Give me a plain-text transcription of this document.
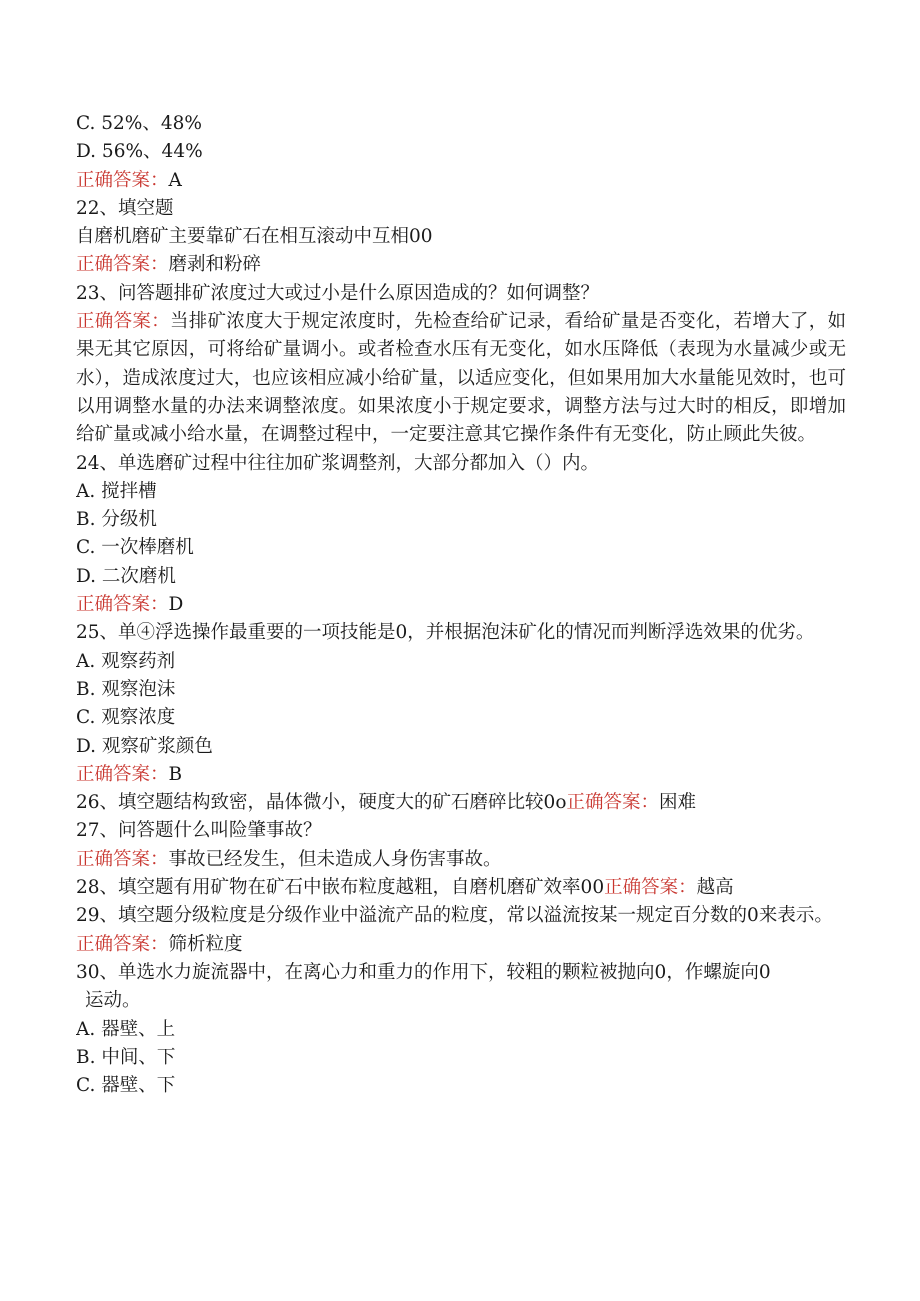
C. 52%、48%
D. 56%、44%
正确答案：A
22、填空题
自磨机磨矿主要靠矿石在相互滚动中互相00
正确答案：磨剥和粉碎
23、问答题排矿浓度过大或过小是什么原因造成的？如何调整？
正确答案：当排矿浓度大于规定浓度时，先检查给矿记录，看给矿量是否变化，若增大了，如果无其它原因，可将给矿量调小。或者检查水压有无变化，如水压降低（表现为水量减少或无水），造成浓度过大，也应该相应减小给矿量，以适应变化，但如果用加大水量能见效时，也可以用调整水量的办法来调整浓度。如果浓度小于规定要求，调整方法与过大时的相反，即增加给矿量或减小给水量，在调整过程中，一定要注意其它操作条件有无变化，防止顾此失彼。
24、单选磨矿过程中往往加矿浆调整剂，大部分都加入（）内。
A. 搅拌槽
B. 分级机
C. 一次棒磨机
D. 二次磨机
正确答案：D
25、单④浮选操作最重要的一项技能是0，并根据泡沫矿化的情况而判断浮选效果的优劣。
A. 观察药剂
B. 观察泡沫
C. 观察浓度
D. 观察矿浆颜色
正确答案：B
26、填空题结构致密，晶体微小，硬度大的矿石磨碎比较0o正确答案：困难
27、问答题什么叫险肇事故？
正确答案：事故已经发生，但未造成人身伤害事故。
28、填空题有用矿物在矿石中嵌布粒度越粗，自磨机磨矿效率00正确答案：越高
29、填空题分级粒度是分级作业中溢流产品的粒度，常以溢流按某一规定百分数的0来表示。
正确答案：筛析粒度
30、单选水力旋流器中，在离心力和重力的作用下，较粗的颗粒被抛向0，作螺旋向0
运动。
A. 器壁、上
B. 中间、下
C. 器壁、下
